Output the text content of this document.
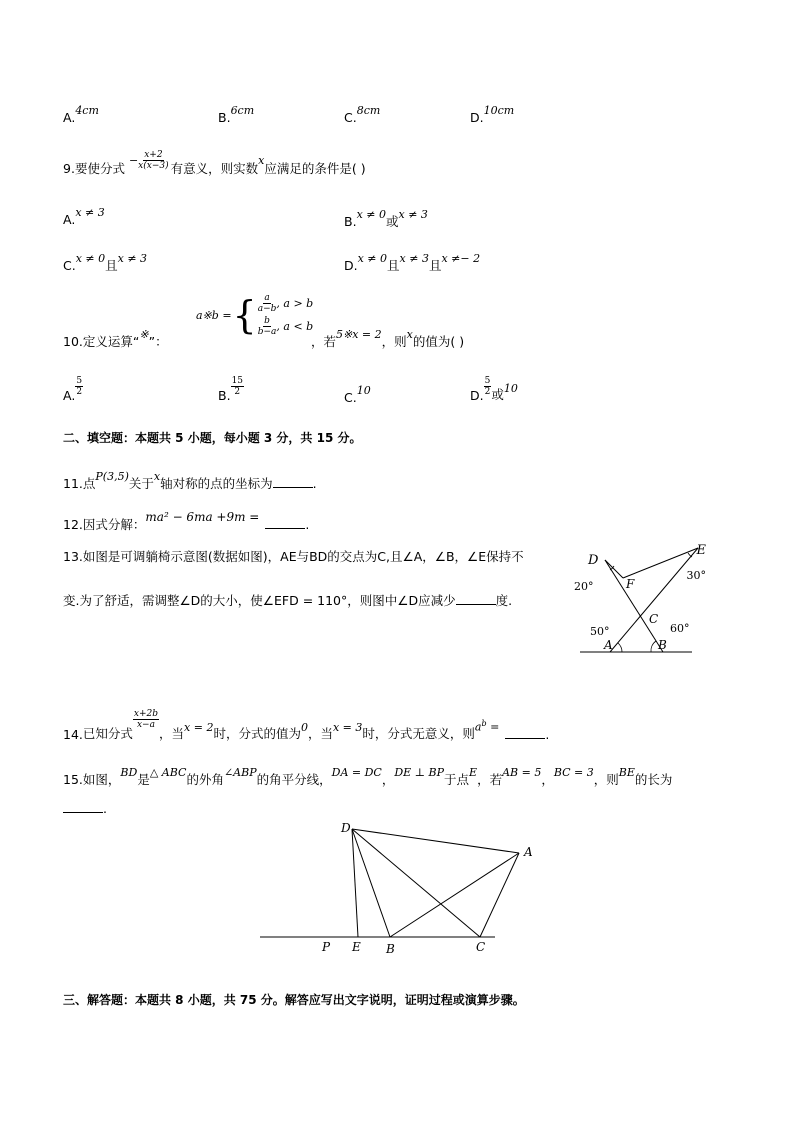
A.4cm	B.6cm	C.8cm	D.10cm
9. 要使分式
− $\frac{x+2}{x(x-3)}$ 有意义，则实数
x
应满足的条件是( )
A.x ≠ 3
B.x ≠ 0或x ≠ 3
C.x ≠ 0且x ≠ 3	D.x ≠ 0且x ≠ 3且x ≠− 2
10.定义运算“※”：
a※b = { $\frac{a}{a-b}$ , a > b
$\frac{b}{b-a}$ , a < b
，若5※x = 2，则x的值为( )
A. $\frac{5}{2}$	B. $\frac{15}{2}$
C.10	D. $\frac{5}{2}$ 或 10
二、填空题：本题共 5 小题，每小题 3 分，共 15 分。
11.点P(3,5)关于x轴对称的点的坐标为	.
12.因式分解：ma² − 6ma +9m =	.
13.如图是可调躺椅示意图(数据如图)，AE与BD的交点为C,且∠A，∠B，∠E保持不
变.为了舒适，需调整∠D的大小，使∠EFD = 110°，则图中∠D应减少	度.
D
E
F
C
A	B
20°
30°
50°	60°
14. 已知分式
$\frac{x+2b}{x-a}$
，当 x = 2 时，分式的值为 0 ，当 x = 3 时，分式无意义，则 $a^b$ =	.
15.如图，BD是△ ABC的外角∠ABP的角平分线，DA = DC，DE ⊥ BP于点E，若AB = 5，BC = 3，则BE的长为
.
D
A
P E B	C
三、解答题：本题共 8 小题，共 75 分。解答应写出文字说明，证明过程或演算步骤。
